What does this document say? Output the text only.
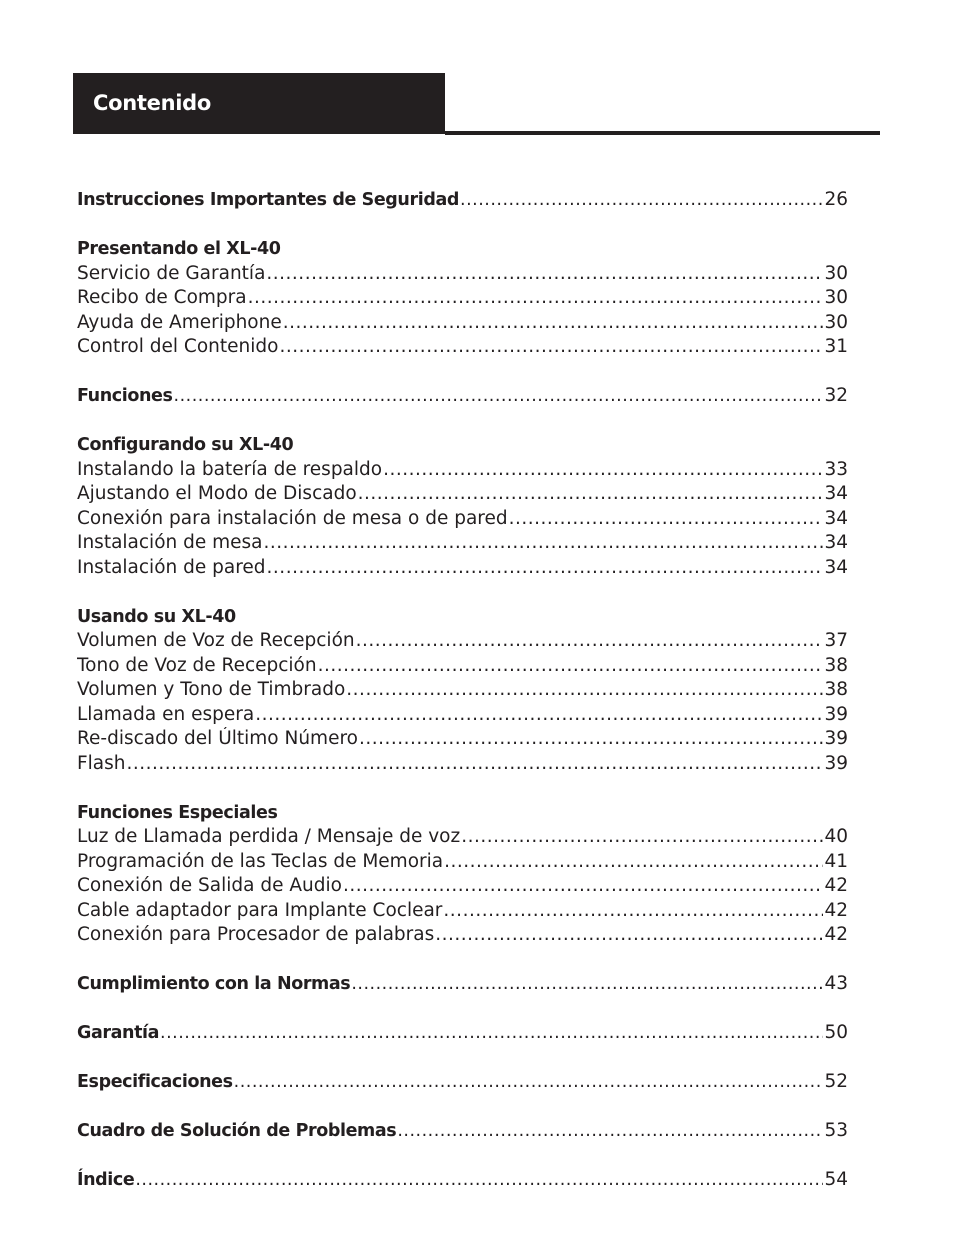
Contenido
Instrucciones Importantes de Seguridad .....	26
Presentando el XL-40
Servicio de Garantía .....	30
Recibo de Compra .....	30
Ayuda de Ameriphone .....	30
Control del Contenido .....	31
Funciones .....	32
Configurando su XL-40
Instalando la batería de respaldo .....	33
Ajustando el Modo de Discado .....	34
Conexión para instalación de mesa o de pared .....	34
Instalación de mesa .....	34
Instalación de pared .....	34
Usando su XL-40
Volumen de Voz de Recepción .....	37
Tono de Voz de Recepción .....	38
Volumen y Tono de Timbrado .....	38
Llamada en espera .....	39
Re-discado del Último Número .....	39
Flash .....	39
Funciones Especiales
Luz de Llamada perdida / Mensaje de voz .....	40
Programación de las Teclas de Memoria .....	41
Conexión de Salida de Audio .....	42
Cable adaptador para Implante Coclear .....	42
Conexión para Procesador de palabras .....	42
Cumplimiento con la Normas .....	43
Garantía .....	50
Especificaciones .....	52
Cuadro de Solución de Problemas .....	53
Índice .....	54
